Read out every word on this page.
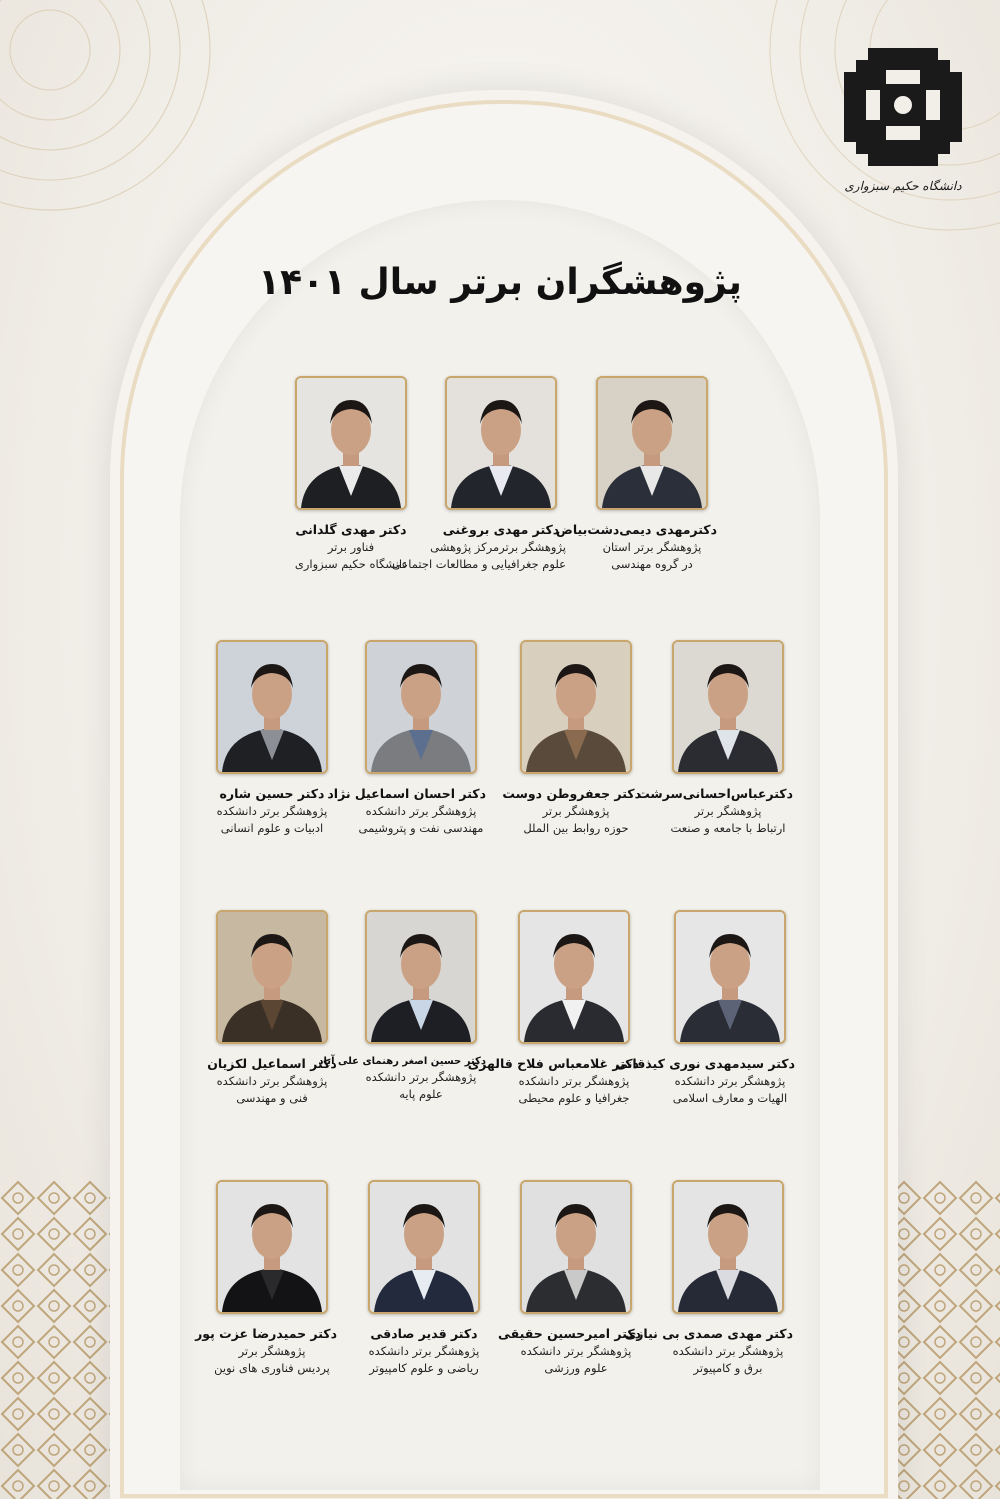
دانشگاه حکیم سبزواری
پژوهشگران برتر سال ۱۴۰۱
دکترمهدی دیمی‌دشت‌بیاض
پژوهشگر برتر استان
در گروه مهندسی
دکتر مهدی بروغنی
پژوهشگر برترمرکز پژوهشی
علوم جغرافیایی و مطالعات اجتماعی
دکتر مهدی گلدانی
فناور برتر
دانشگاه حکیم سبزواری
دکترعباس‌احسانی‌سرشت
پژوهشگر برتر
ارتباط با جامعه و صنعت
دکتر جعفروطن دوست
پژوهشگر برتر
حوزه روابط بین الملل
دکتر احسان اسماعیل نژاد
پژوهشگر برتر دانشکده
مهندسی نفت و پتروشیمی
دکتر حسین شاره
پژوهشگر برتر دانشکده
ادبیات و علوم انسانی
دکتر سیدمهدی نوری کیذقانی
پژوهشگر برتر دانشکده
الهیات و معارف اسلامی
دکتر غلامعباس فلاح قالهری
پژوهشگر برتر دانشکده
جغرافیا و علوم محیطی
دکتر حسین اصغر رهنمای علی آباد
پژوهشگر برتر دانشکده
علوم پایه
دکتر اسماعیل لکزیان
پژوهشگر برتر دانشکده
فنی و مهندسی
دکتر مهدی صمدی بی نیازی
پژوهشگر برتر دانشکده
برق و کامپیوتر
دکتر امیرحسین حقیقی
پژوهشگر برتر دانشکده
علوم ورزشی
دکتر قدیر صادقی
پژوهشگر برتر دانشکده
ریاضی و علوم کامپیوتر
دکتر حمیدرضا عزت پور
پژوهشگر برتر
پردیس فناوری های نوین
